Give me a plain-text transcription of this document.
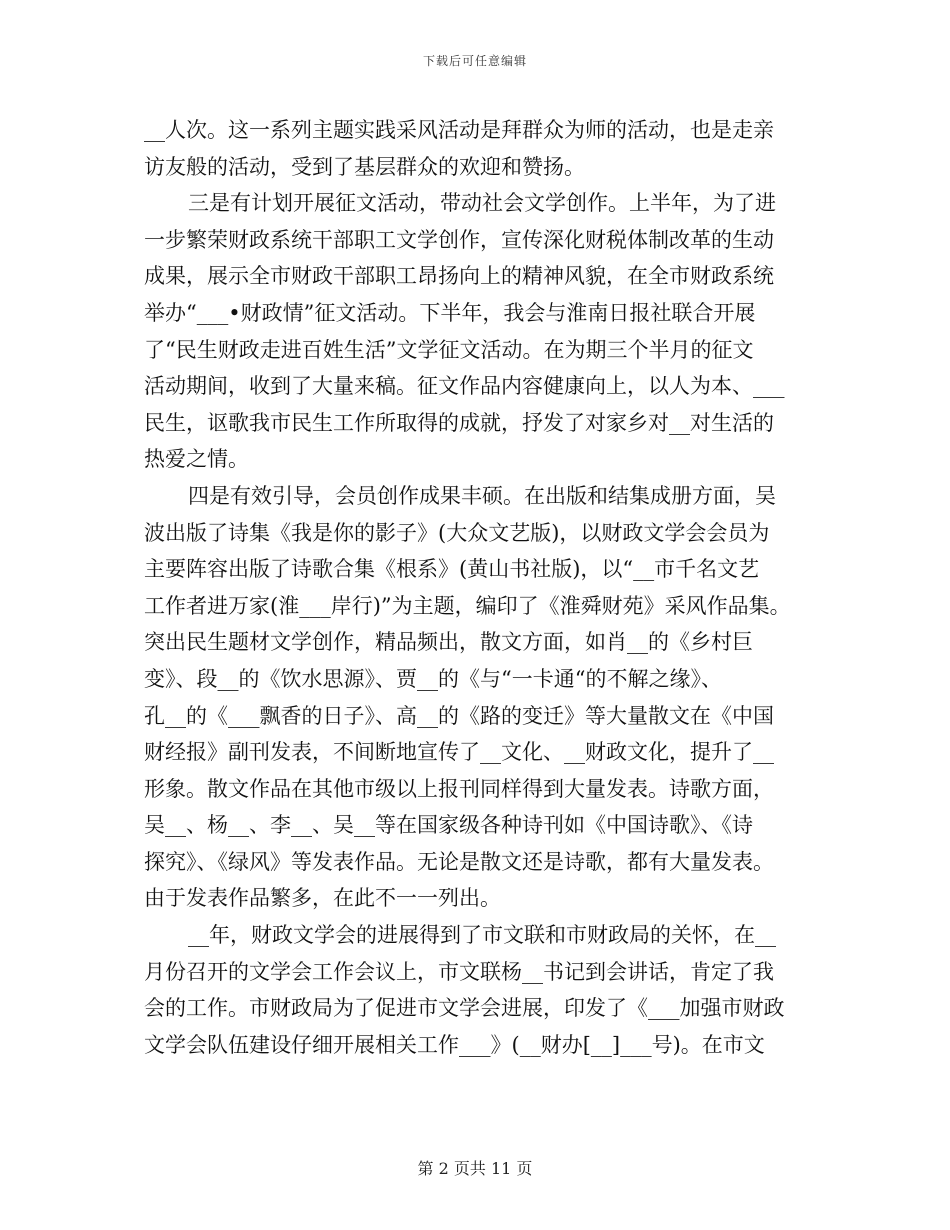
下载后可任意编辑
__人次。这一系列主题实践采风活动是拜群众为师的活动，也是走亲
访友般的活动，受到了基层群众的欢迎和赞扬。
三是有计划开展征文活动，带动社会文学创作。上半年，为了进
一步繁荣财政系统干部职工文学创作，宣传深化财税体制改革的生动
成果，展示全市财政干部职工昂扬向上的精神风貌，在全市财政系统
举办“___•财政情”征文活动。下半年，我会与淮南日报社联合开展
了“民生财政走进百姓生活”文学征文活动。在为期三个半月的征文
活动期间，收到了大量来稿。征文作品内容健康向上，以人为本、___
民生，讴歌我市民生工作所取得的成就，抒发了对家乡对__对生活的
热爱之情。
四是有效引导，会员创作成果丰硕。在出版和结集成册方面，吴
波出版了诗集《我是你的影子》(大众文艺版)，以财政文学会会员为
主要阵容出版了诗歌合集《根系》(黄山书社版)，以“__市千名文艺
工作者进万家(淮___岸行)”为主题，编印了《淮舜财苑》采风作品集。
突出民生题材文学创作，精品频出，散文方面，如肖__的《乡村巨
变》、段__的《饮水思源》、贾__的《与“一卡通“的不解之缘》、
孔__的《___飘香的日子》、高__的《路的变迁》等大量散文在《中国
财经报》副刊发表，不间断地宣传了__文化、__财政文化，提升了__
形象。散文作品在其他市级以上报刊同样得到大量发表。诗歌方面，
吴__、杨__、李__、吴__等在国家级各种诗刊如《中国诗歌》、《诗
探究》、《绿风》等发表作品。无论是散文还是诗歌，都有大量发表。
由于发表作品繁多，在此不一一列出。
__年，财政文学会的进展得到了市文联和市财政局的关怀，在__
月份召开的文学会工作会议上，市文联杨__书记到会讲话，肯定了我
会的工作。市财政局为了促进市文学会进展，印发了《___加强市财政
文学会队伍建设仔细开展相关工作___》(__财办[__]___号)。在市文
第 2 页共 11 页
